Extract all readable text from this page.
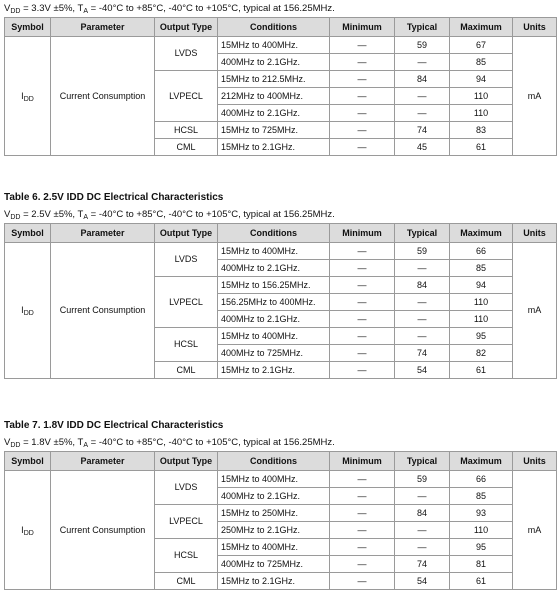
$V_{DD} = 3.3V \pm 5\%$, $T_A = -40^\circ C$ to +85°C, -40°C to +105°C, typical at 156.25MHz.

Symbol	Parameter	Output Type	Conditions	Minimum	Typical	Maximum	Units
$I_{DD}$	Current Consumption	LVDS	15MHz to 400MHz.	—	59	67	mA
			400MHz to 2.1GHz.	—	—	85	
		LVPECL	15MHz to 212.5MHz.	—	84	94	
			212MHz to 400MHz.	—	—	110	
			400MHz to 2.1GHz.	—	—	110	
		HCSL	15MHz to 725MHz.	—	74	83	
		CML	15MHz to 2.1GHz.	—	45	61	

Table 6. 2.5V IDD DC Electrical Characteristics

$V_{DD} = 2.5V \pm 5\%$, $T_A = -40^\circ C$ to +85°C, -40°C to +105°C, typical at 156.25MHz.

Symbol	Parameter	Output Type	Conditions	Minimum	Typical	Maximum	Units
$I_{DD}$	Current Consumption	LVDS	15MHz to 400MHz.	—	59	66	mA
			400MHz to 2.1GHz.	—	—	85	
		LVPECL	15MHz to 156.25MHz.	—	84	94	
			156.25MHz to 400MHz.	—	—	110	
			400MHz to 2.1GHz.	—	—	110	
		HCSL	15MHz to 400MHz.	—	—	95	
			400MHz to 725MHz.	—	74	82	
		CML	15MHz to 2.1GHz.	—	54	61	

Table 7. 1.8V IDD DC Electrical Characteristics

$V_{DD} = 1.8V \pm 5\%$, $T_A = -40^\circ C$ to +85°C, -40°C to +105°C, typical at 156.25MHz.

Symbol	Parameter	Output Type	Conditions	Minimum	Typical	Maximum	Units
$I_{DD}$	Current Consumption	LVDS	15MHz to 400MHz.	—	59	66	mA
			400MHz to 2.1GHz.	—	—	85	
		LVPECL	15MHz to 250MHz.	—	84	93	
			250MHz to 2.1GHz.	—	—	110	
		HCSL	15MHz to 400MHz.	—	—	95	
			400MHz to 725MHz.	—	74	81	
		CML	15MHz to 2.1GHz.	—	54	61	
